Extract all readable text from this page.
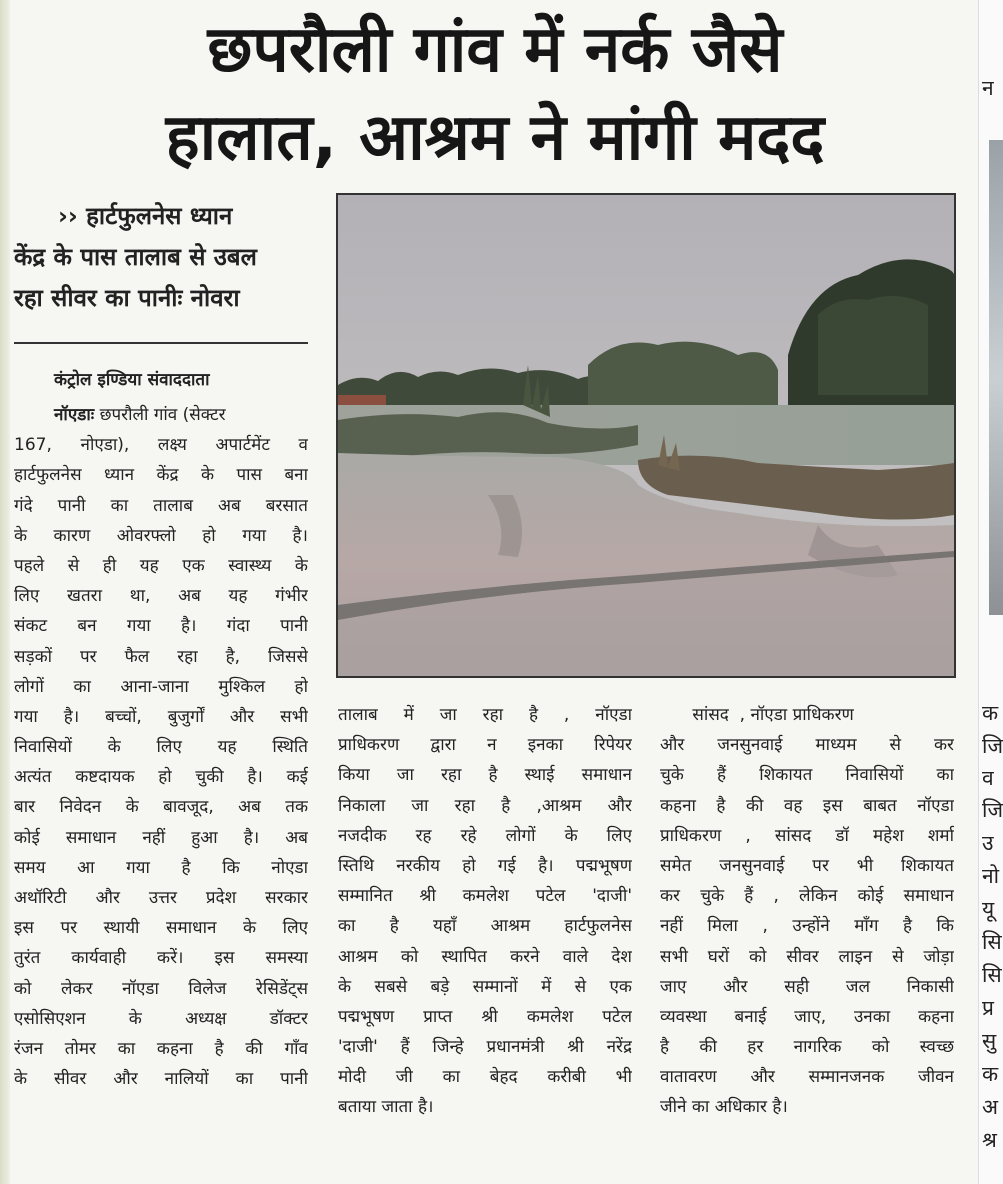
छपरौली गांव में नर्क जैसे
हालात, आश्रम ने मांगी मदद
›› हार्टफुलनेस ध्यान
केंद्र के पास तालाब से उबल
रहा सीवर का पानीः नोवरा
कंट्रोल इण्डिया संवाददाता
नॉएडाः छपरौली गांव (सेक्टर
167, नोएडा), लक्ष्य अपार्टमेंट व
हार्टफुलनेस ध्यान केंद्र के पास बना
गंदे पानी का तालाब अब बरसात
के कारण ओवरफ्लो हो गया है।
पहले से ही यह एक स्वास्थ्य के
लिए खतरा था, अब यह गंभीर
संकट बन गया है। गंदा पानी
सड़कों पर फैल रहा है, जिससे
लोगों का आना-जाना मुश्किल हो
गया है। बच्चों, बुजुर्गों और सभी
निवासियों के लिए यह स्थिति
अत्यंत कष्टदायक हो चुकी है। कई
बार निवेदन के बावजूद, अब तक
कोई समाधान नहीं हुआ है। अब
समय आ गया है कि नोएडा
अथॉरिटी और उत्तर प्रदेश सरकार
इस पर स्थायी समाधान के लिए
तुरंत कार्यवाही करें। इस समस्या
को लेकर नॉएडा विलेज रेसिडेंट्स
एसोसिएशन के अध्यक्ष डॉक्टर
रंजन तोमर का कहना है की गाँव
के सीवर और नालियों का पानी
तालाब में जा रहा है , नॉएडा
प्राधिकरण द्वारा न इनका रिपेयर
किया जा रहा है स्थाई समाधान
निकाला जा रहा है ,आश्रम और
नजदीक रह रहे लोगों के लिए
स्तिथि नरकीय हो गई है। पद्मभूषण
सम्मानित श्री कमलेश पटेल 'दाजी'
का है यहाँ आश्रम हार्टफुलनेस
आश्रम को स्थापित करने वाले देश
के सबसे बड़े सम्मानों में से एक
पद्मभूषण प्राप्त श्री कमलेश पटेल
'दाजी' हैं जिन्हे प्रधानमंत्री श्री नरेंद्र
मोदी जी का बेहद करीबी भी
बताया जाता है।
सांसद  , नॉएडा प्राधिकरण
और जनसुनवाई माध्यम से कर
चुके हैं शिकायत निवासियों का
कहना है की वह इस बाबत नॉएडा
प्राधिकरण , सांसद डॉ महेश शर्मा
समेत जनसुनवाई पर भी शिकायत
कर चुके हैं , लेकिन कोई समाधान
नहीं मिला , उन्होंने माँग है कि
सभी घरों को सीवर लाइन से जोड़ा
जाए और सही जल निकासी
व्यवस्था बनाई जाए, उनका कहना
है की हर नागरिक को स्वच्छ
वातावरण और सम्मानजनक जीवन
जीने का अधिकार है।
न
क
जि
व
जि
उ
नो
यू
सि
सि
प्र
सु
क
अ
श्र
